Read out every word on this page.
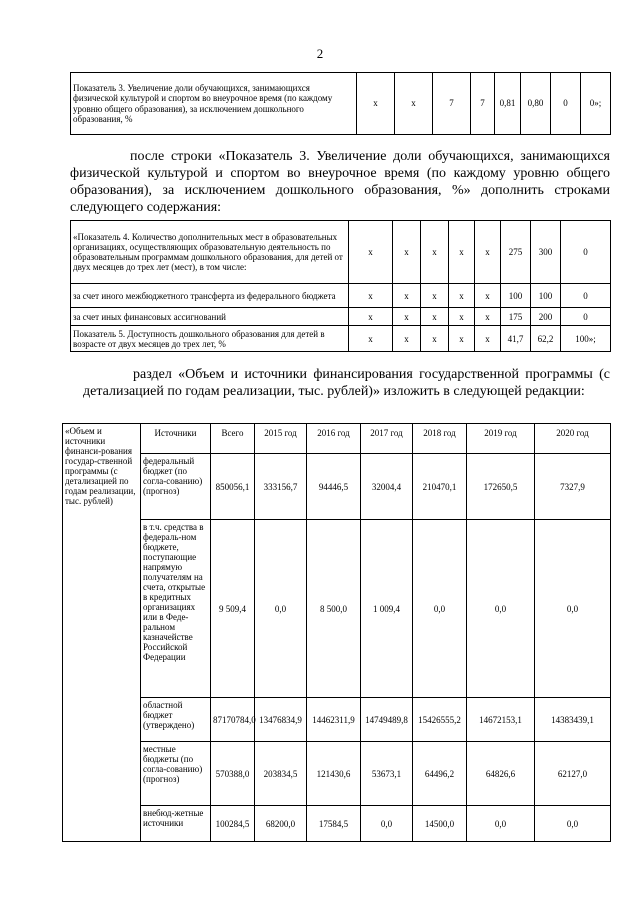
2
Показатель 3. Увеличение доли обучающихся, занимающихся физической культурой и спортом во внеурочное время (по каждому уровню общего образования), за исключением дошкольного образования, %	х	х	7	7	0,81	0,80	0	0»;
после строки «Показатель 3. Увеличение доли обучающихся, занимающихся физической культурой и спортом во внеурочное время (по каждому уровню общего образования), за исключением дошкольного образования, %» дополнить строками следующего содержания:
«Показатель 4. Количество дополнительных мест в образовательных организациях, осуществляющих образовательную деятельность по образовательным программам дошкольного образования, для детей от двух месяцев до трех лет (мест), в том числе:	х	х	х	х	х	275	300	0
за счет иного межбюджетного трансферта из федерального бюджета	х	х	х	х	х	100	100	0
за счет иных финансовых ассигнований	х	х	х	х	х	175	200	0
Показатель 5. Доступность дошкольного образования для детей в возрасте от двух месяцев до трех лет, %	х	х	х	х	х	41,7	62,2	100»;
раздел «Объем и источники финансирования государственной программы (с детализацией по годам реализации, тыс. рублей)» изложить в следующей редакции:
«Объем и источники финанси-рования государ-ственной программы (с детализацией по годам реализации, тыс. рублей)	Источники	Всего	2015 год	2016 год	2017 год	2018 год	2019 год	2020 год
	федеральный бюджет (по согла-сованию) (прогноз)	850056,1	333156,7	94446,5	32004,4	210470,1	172650,5	7327,9
	в т.ч. средства в федераль-ном бюджете, поступающие напрямую получателям на счета, открытые в кредитных организациях или в Феде-ральном казначействе Российской Федерации	9 509,4	0,0	8 500,0	1 009,4	0,0	0,0	0,0
	областной бюджет (утверждено)	87170784,0	13476834,9	14462311,9	14749489,8	15426555,2	14672153,1	14383439,1
	местные бюджеты (по согла-сованию) (прогноз)	570388,0	203834,5	121430,6	53673,1	64496,2	64826,6	62127,0
	внебюд-жетные источники	100284,5	68200,0	17584,5	0,0	14500,0	0,0	0,0
